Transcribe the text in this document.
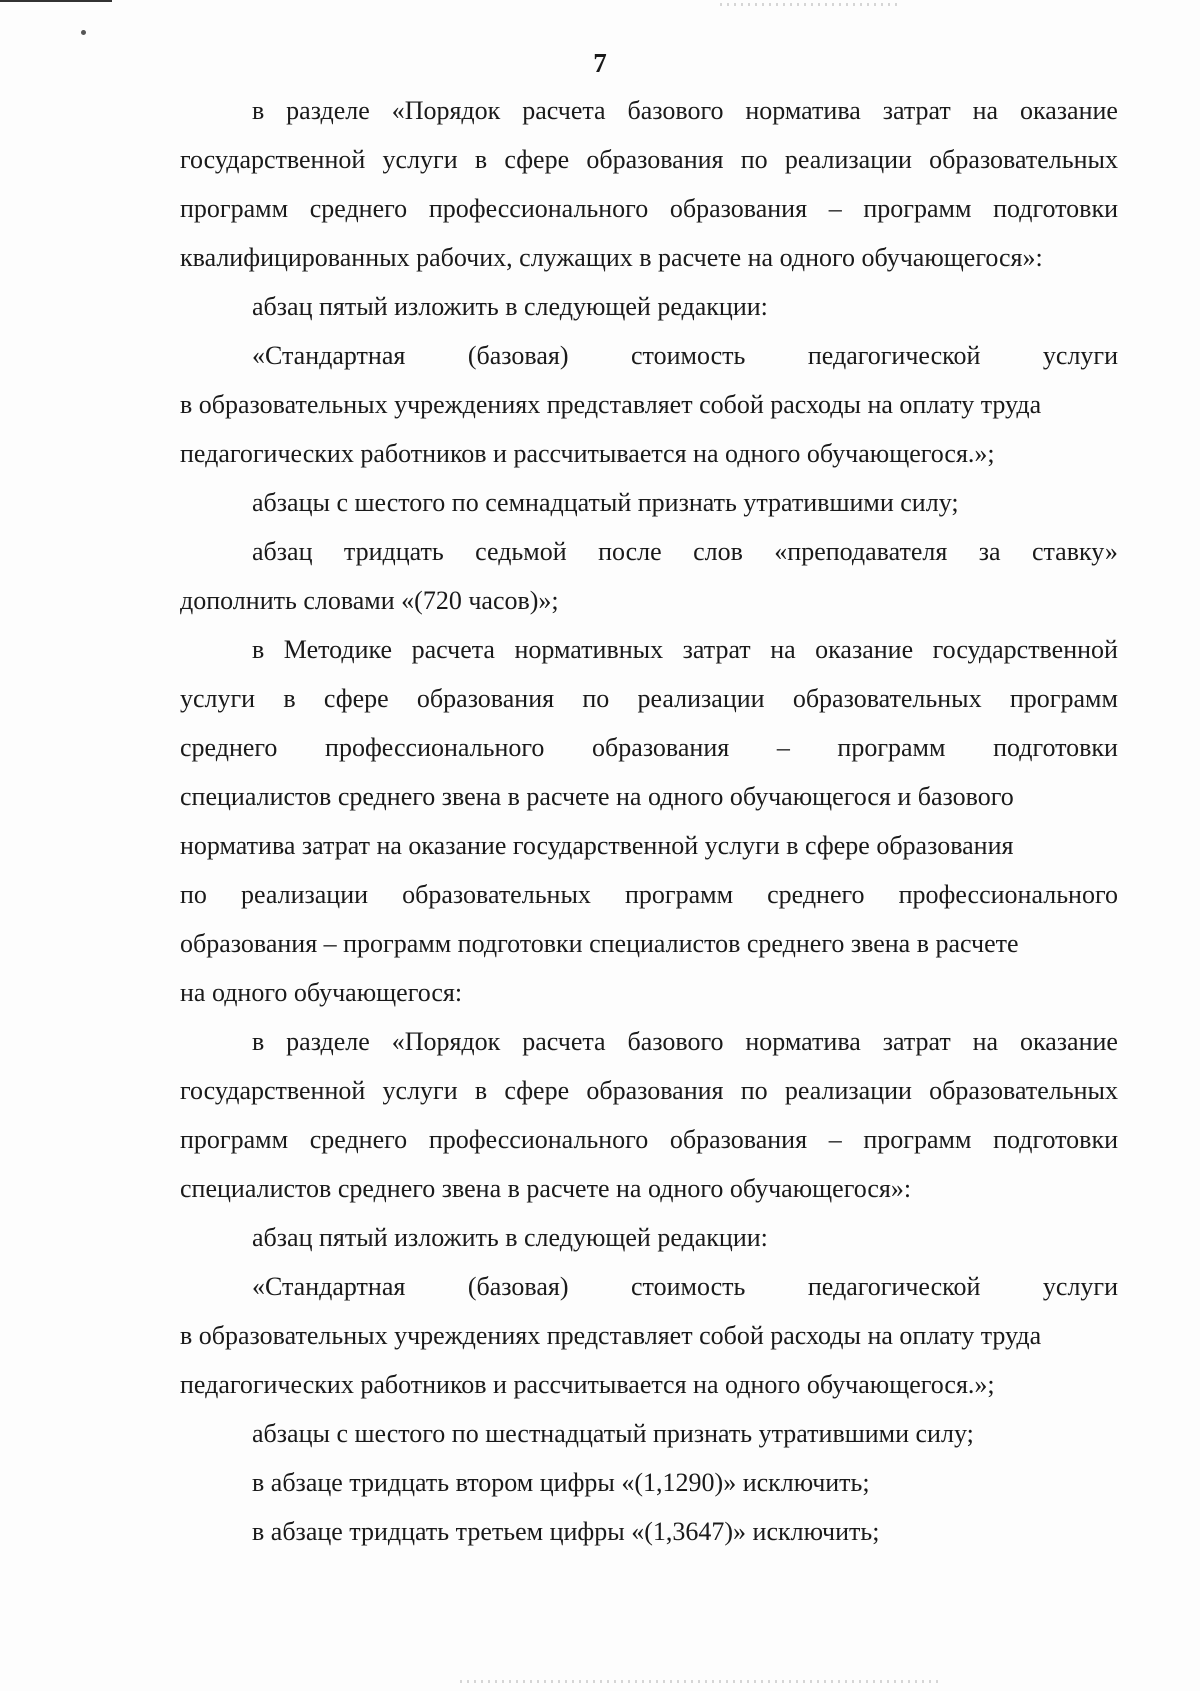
7
в разделе «Порядок расчета базового норматива затрат на оказание
государственной услуги в сфере образования по реализации образовательных
программ среднего профессионального образования – программ подготовки
квалифицированных рабочих, служащих в расчете на одного обучающегося»:
абзац пятый изложить в следующей редакции:
«Стандартная (базовая) стоимость педагогической услуги
в образовательных учреждениях представляет собой расходы на оплату труда
педагогических работников и рассчитывается на одного обучающегося.»;
абзацы с шестого по семнадцатый признать утратившими силу;
абзац тридцать седьмой после слов «преподавателя за ставку»
дополнить словами «(720 часов)»;
в Методике расчета нормативных затрат на оказание государственной
услуги в сфере образования по реализации образовательных программ
среднего профессионального образования – программ подготовки
специалистов среднего звена в расчете на одного обучающегося и базового
норматива затрат на оказание государственной услуги в сфере образования
по реализации образовательных программ среднего профессионального
образования – программ подготовки специалистов среднего звена в расчете
на одного обучающегося:
в разделе «Порядок расчета базового норматива затрат на оказание
государственной услуги в сфере образования по реализации образовательных
программ среднего профессионального образования – программ подготовки
специалистов среднего звена в расчете на одного обучающегося»:
абзац пятый изложить в следующей редакции:
«Стандартная (базовая) стоимость педагогической услуги
в образовательных учреждениях представляет собой расходы на оплату труда
педагогических работников и рассчитывается на одного обучающегося.»;
абзацы с шестого по шестнадцатый признать утратившими силу;
в абзаце тридцать втором цифры «(1,1290)» исключить;
в абзаце тридцать третьем цифры «(1,3647)» исключить;
